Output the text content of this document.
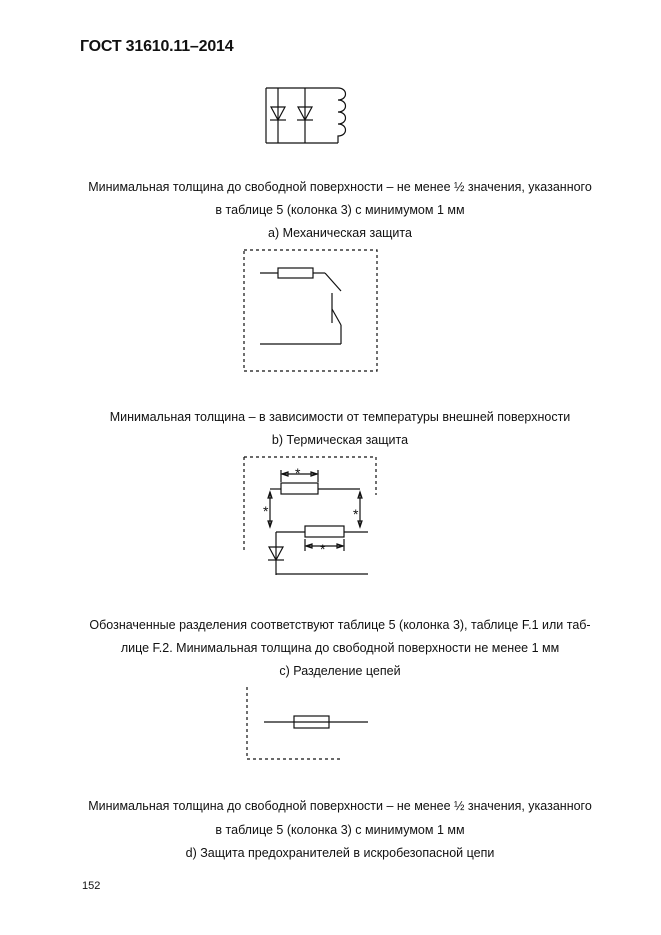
ГОСТ 31610.11–2014
Минимальная толщина до свободной поверхности – не менее ½ значения, указанного
в таблице 5 (колонка 3) с минимумом 1 мм
a) Механическая защита
Минимальная толщина – в зависимости от температуры внешней поверхности
b) Термическая защита
*
*	*
*
Обозначенные разделения соответствуют таблице 5 (колонка 3), таблице F.1 или таб-
лице F.2. Минимальная толщина до свободной поверхности не менее 1 мм
c) Разделение цепей
Минимальная толщина до свободной поверхности – не менее ½ значения, указанного
в таблице 5 (колонка 3) с минимумом 1 мм
d) Защита предохранителей в искробезопасной цепи
152
